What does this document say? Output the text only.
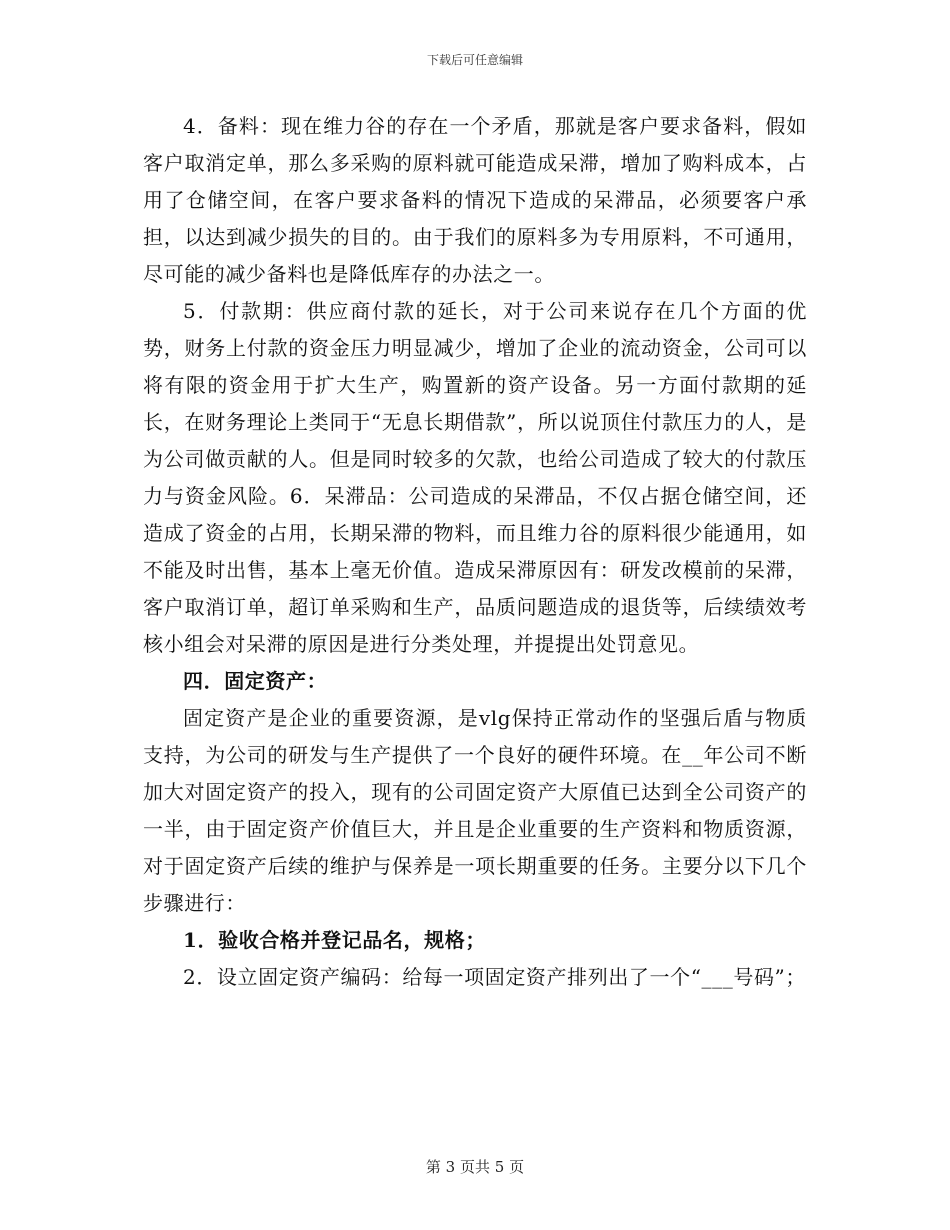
下载后可任意编辑

4．备料：现在维力谷的存在一个矛盾，那就是客户要求备料，假如客户取消定单，那么多采购的原料就可能造成呆滞，增加了购料成本，占用了仓储空间，在客户要求备料的情况下造成的呆滞品，必须要客户承担，以达到减少损失的目的。由于我们的原料多为专用原料，不可通用，尽可能的减少备料也是降低库存的办法之一。

5．付款期：供应商付款的延长，对于公司来说存在几个方面的优势，财务上付款的资金压力明显减少，增加了企业的流动资金，公司可以将有限的资金用于扩大生产，购置新的资产设备。另一方面付款期的延长，在财务理论上类同于“无息长期借款”，所以说顶住付款压力的人，是为公司做贡献的人。但是同时较多的欠款，也给公司造成了较大的付款压力与资金风险。6．呆滞品：公司造成的呆滞品，不仅占据仓储空间，还造成了资金的占用，长期呆滞的物料，而且维力谷的原料很少能通用，如不能及时出售，基本上毫无价值。造成呆滞原因有：研发改模前的呆滞，客户取消订单，超订单采购和生产，品质问题造成的退货等，后续绩效考核小组会对呆滞的原因是进行分类处理，并提提出处罚意见。

四．固定资产：

固定资产是企业的重要资源，是vlg保持正常动作的坚强后盾与物质支持，为公司的研发与生产提供了一个良好的硬件环境。在__年公司不断加大对固定资产的投入，现有的公司固定资产大原值已达到全公司资产的一半，由于固定资产价值巨大，并且是企业重要的生产资料和物质资源，对于固定资产后续的维护与保养是一项长期重要的任务。主要分以下几个步骤进行：

1．验收合格并登记品名，规格；

2．设立固定资产编码：给每一项固定资产排列出了一个“___号码”；

第 3 页共 5 页
